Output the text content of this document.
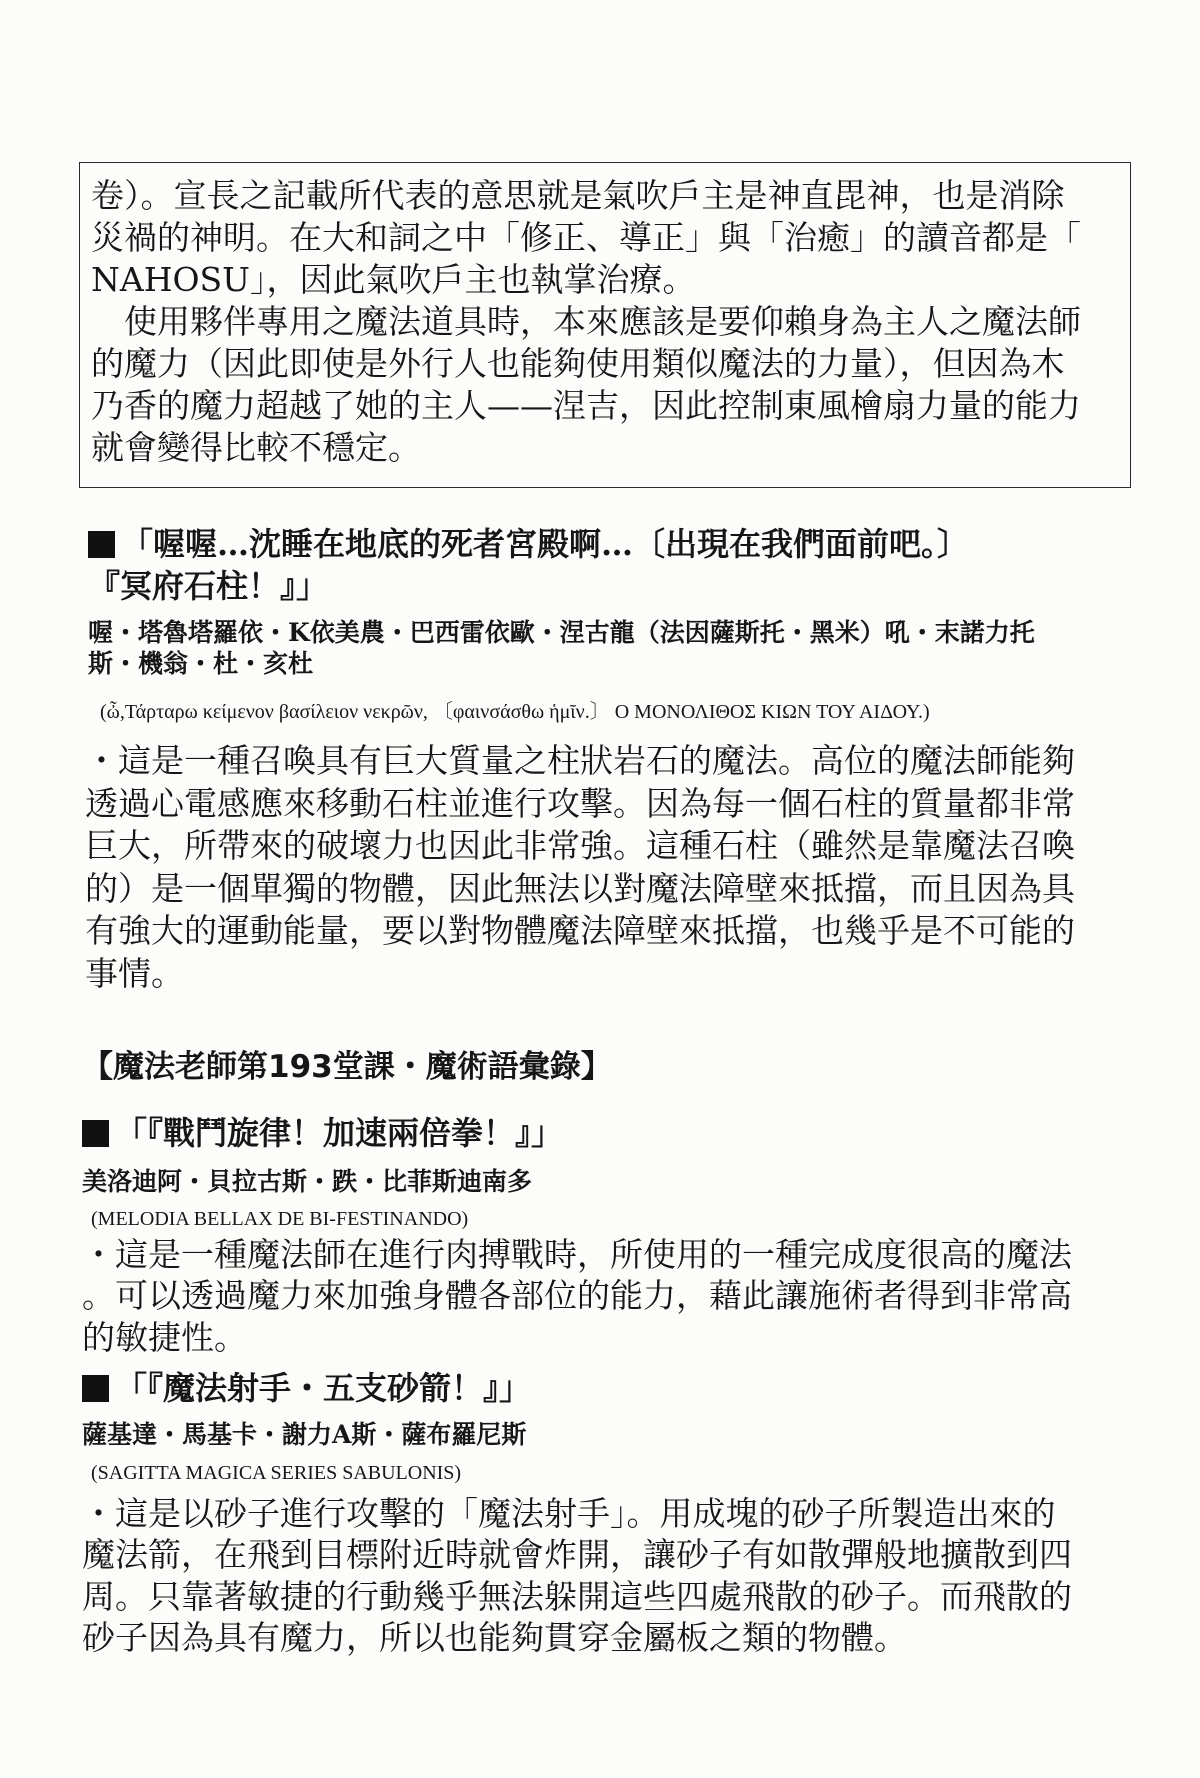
卷）。宣長之記載所代表的意思就是氣吹戶主是神直毘神，也是消除
災禍的神明。在大和詞之中「修正、導正」與「治癒」的讀音都是「
NAHOSU」，因此氣吹戶主也執掌治療。
使用夥伴專用之魔法道具時，本來應該是要仰賴身為主人之魔法師
的魔力（因此即使是外行人也能夠使用類似魔法的力量），但因為木
乃香的魔力超越了她的主人——涅吉，因此控制東風檜扇力量的能力
就會變得比較不穩定。
「喔喔…沈睡在地底的死者宮殿啊…〔出現在我們面前吧。〕
『冥府石柱！』」
喔・塔魯塔羅依・K依美農・巴西雷依歐・涅古龍（法因薩斯托・黑米）吼・末諾力托
斯・機翁・杜・亥杜
(ὦ,Τάρταρω κείμενον βασίλειον νεκρῶν, 〔φαινσάσθω ἡμῖν.〕 Ο ΜΟΝΟΛΙΘΟΣ ΚΙΩΝ ΤΟΥ ΑΙΔΟΥ.)
・這是一種召喚具有巨大質量之柱狀岩石的魔法。高位的魔法師能夠
透過心電感應來移動石柱並進行攻擊。因為每一個石柱的質量都非常
巨大，所帶來的破壞力也因此非常強。這種石柱（雖然是靠魔法召喚
的）是一個單獨的物體，因此無法以對魔法障壁來抵擋，而且因為具
有強大的運動能量，要以對物體魔法障壁來抵擋，也幾乎是不可能的
事情。
【魔法老師第193堂課・魔術語彙錄】
「『戰鬥旋律！加速兩倍拳！』」
美洛迪阿・貝拉古斯・跌・比菲斯迪南多
(MELODIA BELLAX DE BI-FESTINANDO)
・這是一種魔法師在進行肉搏戰時，所使用的一種完成度很高的魔法
。可以透過魔力來加強身體各部位的能力，藉此讓施術者得到非常高
的敏捷性。
「『魔法射手・五支砂箭！』」
薩基達・馬基卡・謝力A斯・薩布羅尼斯
(SAGITTA MAGICA SERIES SABULONIS)
・這是以砂子進行攻擊的「魔法射手」。用成塊的砂子所製造出來的
魔法箭，在飛到目標附近時就會炸開，讓砂子有如散彈般地擴散到四
周。只靠著敏捷的行動幾乎無法躲開這些四處飛散的砂子。而飛散的
砂子因為具有魔力，所以也能夠貫穿金屬板之類的物體。
